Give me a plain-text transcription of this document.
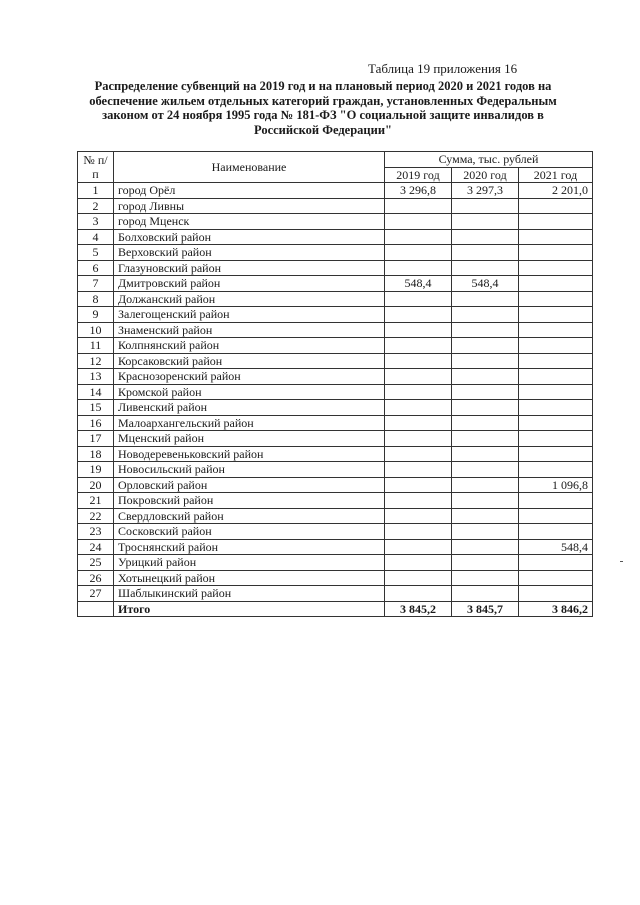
Таблица 19 приложения 16
Распределение субвенций на 2019 год и на плановый период 2020 и 2021 годов на обеспечение жильем отдельных категорий граждан, установленных Федеральным законом от 24 ноября 1995 года № 181-ФЗ "О социальной защите инвалидов в Российской Федерации"
№ п/п	Наименование	Сумма, тыс. рублей		
		2019 год	2020 год	2021 год
1	город Орёл	3 296,8	3 297,3	2 201,0
2	город Ливны			
3	город Мценск			
4	Болховский район			
5	Верховский район			
6	Глазуновский район			
7	Дмитровский район	548,4	548,4	
8	Должанский район			
9	Залегощенский район			
10	Знаменский район			
11	Колпнянский район			
12	Корсаковский район			
13	Краснозоренский район			
14	Кромской район			
15	Ливенский район			
16	Малоархангельский район			
17	Мценский район			
18	Новодеревеньковский район			
19	Новосильский район			
20	Орловский район			1 096,8
21	Покровский район			
22	Свердловский район			
23	Сосковский район			
24	Троснянский район			548,4
25	Урицкий район			
26	Хотынецкий район			
27	Шаблыкинский район			
	Итого	3 845,2	3 845,7	3 846,2
